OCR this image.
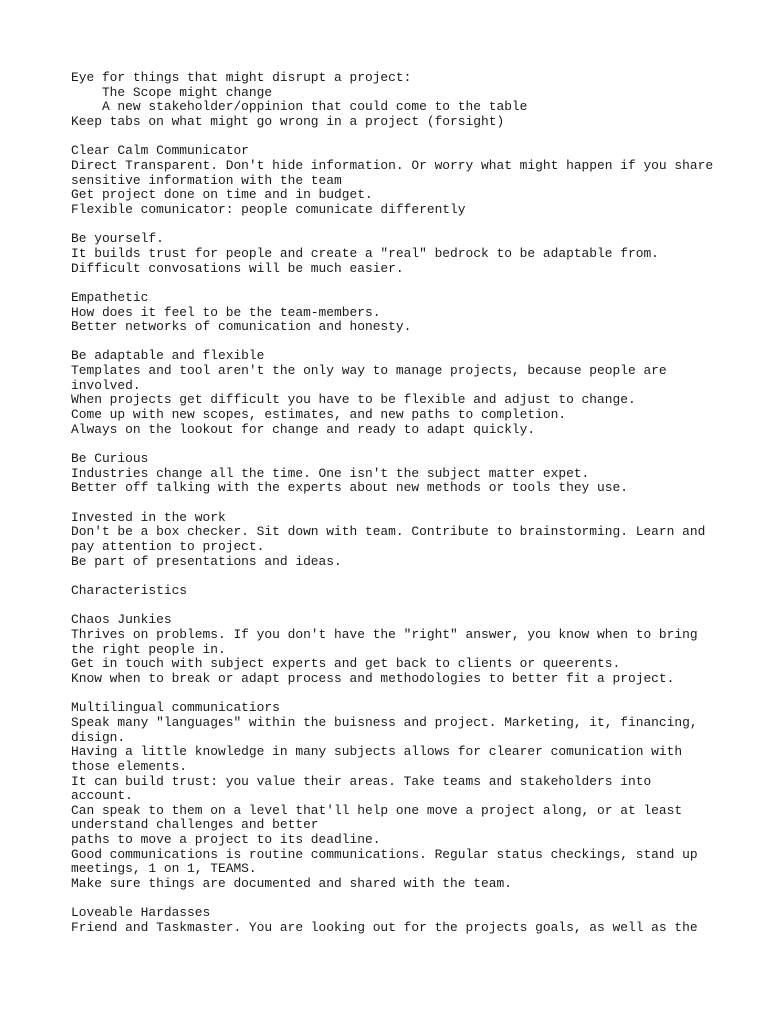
Eye for things that might disrupt a project:
The Scope might change
A new stakeholder/oppinion that could come to the table
Keep tabs on what might go wrong in a project (forsight)
Clear Calm Communicator
Direct Transparent. Don't hide information. Or worry what might happen if you share
sensitive information with the team
Get project done on time and in budget.
Flexible comunicator: people comunicate differently
Be yourself.
It builds trust for people and create a "real" bedrock to be adaptable from.
Difficult convosations will be much easier.
Empathetic
How does it feel to be the team-members.
Better networks of comunication and honesty.
Be adaptable and flexible
Templates and tool aren't the only way to manage projects, because people are
involved.
When projects get difficult you have to be flexible and adjust to change.
Come up with new scopes, estimates, and new paths to completion.
Always on the lookout for change and ready to adapt quickly.
Be Curious
Industries change all the time. One isn't the subject matter expet.
Better off talking with the experts about new methods or tools they use.
Invested in the work
Don't be a box checker. Sit down with team. Contribute to brainstorming. Learn and
pay attention to project.
Be part of presentations and ideas.
Characteristics
Chaos Junkies
Thrives on problems. If you don't have the "right" answer, you know when to bring
the right people in.
Get in touch with subject experts and get back to clients or queerents.
Know when to break or adapt process and methodologies to better fit a project.
Multilingual communicatiors
Speak many "languages" within the buisness and project. Marketing, it, financing,
disign.
Having a little knowledge in many subjects allows for clearer comunication with
those elements.
It can build trust: you value their areas. Take teams and stakeholders into
account.
Can speak to them on a level that'll help one move a project along, or at least
understand challenges and better
paths to move a project to its deadline.
Good communications is routine communications. Regular status checkings, stand up
meetings, 1 on 1, TEAMS.
Make sure things are documented and shared with the team.
Loveable Hardasses
Friend and Taskmaster. You are looking out for the projects goals, as well as the
